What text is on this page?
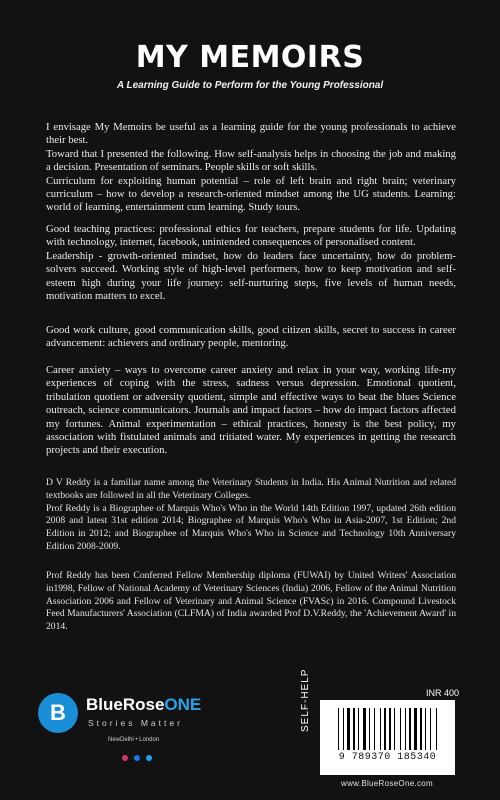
MY MEMOIRS
A Learning Guide to Perform for the Young Professional

I envisage My Memoirs be useful as a learning guide for the young professionals to achieve their best.

Toward that I presented the following. How self-analysis helps in choosing the job and making a decision. Presentation of seminars. People skills or soft skills.

Curriculum for exploiting human potential – role of left brain and right brain; veterinary curriculum – how to develop a research-oriented mindset among the UG students. Learning: world of learning, entertainment cum learning. Study tours.

Good teaching practices: professional ethics for teachers, prepare students for life. Updating with technology, internet, facebook, unintended consequences of personalised content.

Leadership - growth-oriented mindset, how do leaders face uncertainty, how do problem-solvers succeed. Working style of high-level performers, how to keep motivation and self-esteem high during your life journey: self-nurturing steps, five levels of human needs, motivation matters to excel.

Good work culture, good communication skills, good citizen skills, secret to success in career advancement: achievers and ordinary people, mentoring.

Career anxiety – ways to overcome career anxiety and relax in your way, working life-my experiences of coping with the stress, sadness versus depression. Emotional quotient, tribulation quotient or adversity quotient, simple and effective ways to beat the blues Science outreach, science communicators. Journals and impact factors – how do impact factors affected my fortunes. Animal experimentation – ethical practices, honesty is the best policy, my association with fistulated animals and tritiated water. My experiences in getting the research projects and their execution.

D V Reddy is a familiar name among the Veterinary Students in India. His Animal Nutrition and related textbooks are followed in all the Veterinary Colleges.

Prof Reddy is a Biographee of Marquis Who's Who in the World 14th Edition 1997, updated 26th edition 2008 and latest 31st edition 2014; Biographee of Marquis Who's Who in Asia-2007, 1st Edition; 2nd Edition in 2012; and Biographee of Marquis Who's Who in Science and Technology 10th Anniversary Edition 2008-2009.

Prof Reddy has been Conferred Fellow Membership diploma (FUWAI) by United Writers' Association in1998, Fellow of National Academy of Veterinary Sciences (India) 2006, Fellow of the Animal Nutrition Association 2006 and Fellow of Veterinary and Animal Science (FVASc) in 2016. Compound Livestock Feed Manufacturers' Association (CLFMA) of India awarded Prof D.V.Reddy, the 'Achievement Award' in 2014.

B	BlueRoseONE
Stories Matter
NewDelhi • London

INR 400
SELF-HELP
9 789370 185340
www.BlueRoseOne.com
